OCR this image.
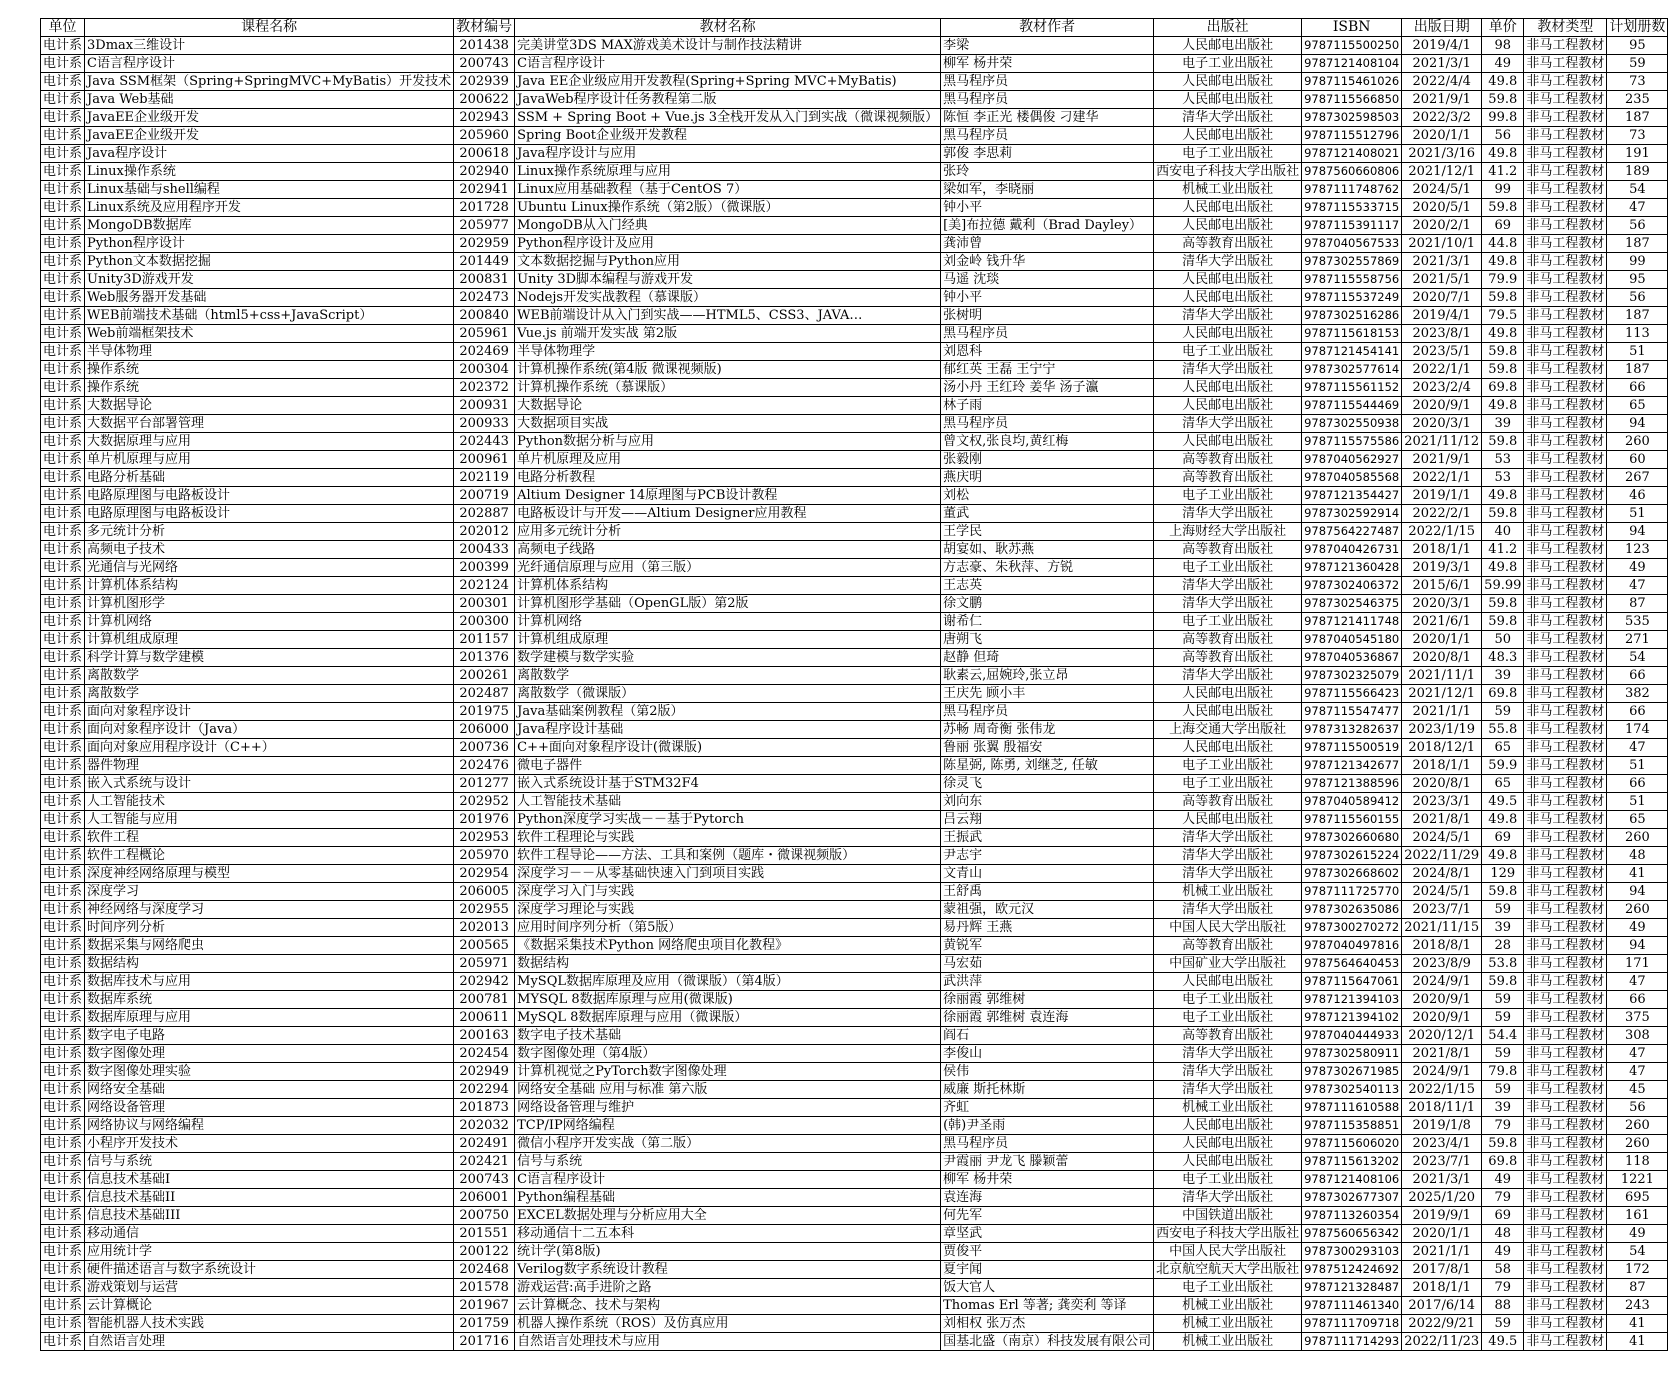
单位	课程名称	教材编号	教材名称	教材作者	出版社	ISBN	出版日期	单价	教材类型	计划册数
电计系	3Dmax三维设计	201438	完美讲堂3DS MAX游戏美术设计与制作技法精讲	李梁	人民邮电出版社	9787115500250	2019/4/1	98	非马工程教材	95
电计系	C语言程序设计	200743	C语言程序设计	柳军 杨井荣	电子工业出版社	9787121408104	2021/3/1	49	非马工程教材	59
电计系	Java SSM框架（Spring+SpringMVC+MyBatis）开发技术	202939	Java EE企业级应用开发教程(Spring+Spring MVC+MyBatis)	黑马程序员	人民邮电出版社	9787115461026	2022/4/4	49.8	非马工程教材	73
电计系	Java Web基础	200622	JavaWeb程序设计任务教程第二版	黑马程序员	人民邮电出版社	9787115566850	2021/9/1	59.8	非马工程教材	235
电计系	JavaEE企业级开发	202943	SSM + Spring Boot + Vue.js 3全栈开发从入门到实战（微课视频版）	陈恒 李正光 楼偶俊 刁建华	清华大学出版社	9787302598503	2022/3/2	99.8	非马工程教材	187
电计系	JavaEE企业级开发	205960	Spring Boot企业级开发教程	黑马程序员	人民邮电出版社	9787115512796	2020/1/1	56	非马工程教材	73
电计系	Java程序设计	200618	Java程序设计与应用	郭俊 李思莉	电子工业出版社	9787121408021	2021/3/16	49.8	非马工程教材	191
电计系	Linux操作系统	202940	Linux操作系统原理与应用	张玲	西安电子科技大学出版社	9787560660806	2021/12/1	41.2	非马工程教材	189
电计系	Linux基础与shell编程	202941	Linux应用基础教程（基于CentOS 7）	梁如军，李晓丽	机械工业出版社	9787111748762	2024/5/1	99	非马工程教材	54
电计系	Linux系统及应用程序开发	201728	Ubuntu Linux操作系统（第2版）（微课版）	钟小平	人民邮电出版社	9787115533715	2020/5/1	59.8	非马工程教材	47
电计系	MongoDB数据库	205977	MongoDB从入门经典	[美]布拉德 戴利（Brad Dayley）	人民邮电出版社	9787115391117	2020/2/1	69	非马工程教材	56
电计系	Python程序设计	202959	Python程序设计及应用	龚沛曾	高等教育出版社	9787040567533	2021/10/1	44.8	非马工程教材	187
电计系	Python文本数据挖掘	201449	文本数据挖掘与Python应用	刘金岭 钱升华	清华大学出版社	9787302557869	2021/3/1	49.8	非马工程教材	99
电计系	Unity3D游戏开发	200831	Unity 3D脚本编程与游戏开发	马遥 沈琰	人民邮电出版社	9787115558756	2021/5/1	79.9	非马工程教材	95
电计系	Web服务器开发基础	202473	Nodejs开发实战教程（慕课版）	钟小平	人民邮电出版社	9787115537249	2020/7/1	59.8	非马工程教材	56
电计系	WEB前端技术基础（html5+css+JavaScript）	200840	WEB前端设计从入门到实战——HTML5、CSS3、JAVA…	张树明	清华大学出版社	9787302516286	2019/4/1	79.5	非马工程教材	187
电计系	Web前端框架技术	205961	Vue.js 前端开发实战 第2版	黑马程序员	人民邮电出版社	9787115618153	2023/8/1	49.8	非马工程教材	113
电计系	半导体物理	202469	半导体物理学	刘恩科	电子工业出版社	9787121454141	2023/5/1	59.8	非马工程教材	51
电计系	操作系统	200304	计算机操作系统(第4版 微课视频版)	郁红英 王磊 王宁宁	清华大学出版社	9787302577614	2022/1/1	59.8	非马工程教材	187
电计系	操作系统	202372	计算机操作系统（慕课版）	汤小丹 王红玲 姜华 汤子瀛	人民邮电出版社	9787115561152	2023/2/4	69.8	非马工程教材	66
电计系	大数据导论	200931	大数据导论	林子雨	人民邮电出版社	9787115544469	2020/9/1	49.8	非马工程教材	65
电计系	大数据平台部署管理	200933	大数据项目实战	黑马程序员	清华大学出版社	9787302550938	2020/3/1	39	非马工程教材	94
电计系	大数据原理与应用	202443	Python数据分析与应用	曾文权,张良均,黄红梅	人民邮电出版社	9787115575586	2021/11/12	59.8	非马工程教材	260
电计系	单片机原理与应用	200961	单片机原理及应用	张毅刚	高等教育出版社	9787040562927	2021/9/1	53	非马工程教材	60
电计系	电路分析基础	202119	电路分析教程	燕庆明	高等教育出版社	9787040585568	2022/1/1	53	非马工程教材	267
电计系	电路原理图与电路板设计	200719	Altium Designer 14原理图与PCB设计教程	刘松	电子工业出版社	9787121354427	2019/1/1	49.8	非马工程教材	46
电计系	电路原理图与电路板设计	202887	电路板设计与开发——Altium Designer应用教程	董武	清华大学出版社	9787302592914	2022/2/1	59.8	非马工程教材	51
电计系	多元统计分析	202012	应用多元统计分析	王学民	上海财经大学出版社	9787564227487	2022/1/15	40	非马工程教材	94
电计系	高频电子技术	200433	高频电子线路	胡宴如、耿苏燕	高等教育出版社	9787040426731	2018/1/1	41.2	非马工程教材	123
电计系	光通信与光网络	200399	光纤通信原理与应用（第三版）	方志豪、朱秋萍、方锐	电子工业出版社	9787121360428	2019/3/1	49.8	非马工程教材	49
电计系	计算机体系结构	202124	计算机体系结构	王志英	清华大学出版社	9787302406372	2015/6/1	59.99	非马工程教材	47
电计系	计算机图形学	200301	计算机图形学基础（OpenGL版）第2版	徐文鹏	清华大学出版社	9787302546375	2020/3/1	59.8	非马工程教材	87
电计系	计算机网络	200300	计算机网络	谢希仁	电子工业出版社	9787121411748	2021/6/1	59.8	非马工程教材	535
电计系	计算机组成原理	201157	计算机组成原理	唐朔飞	高等教育出版社	9787040545180	2020/1/1	50	非马工程教材	271
电计系	科学计算与数学建模	201376	数学建模与数学实验	赵静 但琦	高等教育出版社	9787040536867	2020/8/1	48.3	非马工程教材	54
电计系	离散数学	200261	离散数学	耿素云,屈婉玲,张立昂	清华大学出版社	9787302325079	2021/11/1	39	非马工程教材	66
电计系	离散数学	202487	离散数学（微课版）	王庆先 顾小丰	人民邮电出版社	9787115566423	2021/12/1	69.8	非马工程教材	382
电计系	面向对象程序设计	201975	Java基础案例教程（第2版）	黑马程序员	人民邮电出版社	9787115547477	2021/1/1	59	非马工程教材	66
电计系	面向对象程序设计（Java）	206000	Java程序设计基础	苏畅 周奇衡 张伟龙	上海交通大学出版社	9787313282637	2023/1/19	55.8	非马工程教材	174
电计系	面向对象应用程序设计（C++）	200736	C++面向对象程序设计(微课版)	鲁丽 张翼 殷福安	人民邮电出版社	9787115500519	2018/12/1	65	非马工程教材	47
电计系	器件物理	202476	微电子器件	陈星弼, 陈勇, 刘继芝, 任敏	电子工业出版社	9787121342677	2018/1/1	59.9	非马工程教材	51
电计系	嵌入式系统与设计	201277	嵌入式系统设计基于STM32F4	徐灵飞	电子工业出版社	9787121388596	2020/8/1	65	非马工程教材	66
电计系	人工智能技术	202952	人工智能技术基础	刘向东	高等教育出版社	9787040589412	2023/3/1	49.5	非马工程教材	51
电计系	人工智能与应用	201976	Python深度学习实战－－基于Pytorch	吕云翔	人民邮电出版社	9787115560155	2021/8/1	49.8	非马工程教材	65
电计系	软件工程	202953	软件工程理论与实践	王振武	清华大学出版社	9787302660680	2024/5/1	69	非马工程教材	260
电计系	软件工程概论	205970	软件工程导论——方法、工具和案例（题库・微课视频版）	尹志宇	清华大学出版社	9787302615224	2022/11/29	49.8	非马工程教材	48
电计系	深度神经网络原理与模型	202954	深度学习－－从零基础快速入门到项目实践	文青山	清华大学出版社	9787302668602	2024/8/1	129	非马工程教材	41
电计系	深度学习	206005	深度学习入门与实践	王舒禹	机械工业出版社	9787111725770	2024/5/1	59.8	非马工程教材	94
电计系	神经网络与深度学习	202955	深度学习理论与实践	蒙祖强，欧元汉	清华大学出版社	9787302635086	2023/7/1	59	非马工程教材	260
电计系	时间序列分析	202013	应用时间序列分析（第5版）	易丹辉 王燕	中国人民大学出版社	9787300270272	2021/11/15	39	非马工程教材	49
电计系	数据采集与网络爬虫	200565	《数据采集技术Python 网络爬虫项目化教程》	黄锐军	高等教育出版社	9787040497816	2018/8/1	28	非马工程教材	94
电计系	数据结构	205971	数据结构	马宏茹	中国矿业大学出版社	9787564640453	2023/8/9	53.8	非马工程教材	171
电计系	数据库技术与应用	202942	MySQL数据库原理及应用（微课版）（第4版）	武洪萍	人民邮电出版社	9787115647061	2024/9/1	59.8	非马工程教材	47
电计系	数据库系统	200781	MYSQL 8数据库原理与应用(微课版)	徐丽霞 郭维树	电子工业出版社	9787121394103	2020/9/1	59	非马工程教材	66
电计系	数据库原理与应用	200611	MySQL 8数据库原理与应用（微课版）	徐丽霞 郭维树 袁连海	电子工业出版社	9787121394102	2020/9/1	59	非马工程教材	375
电计系	数字电子电路	200163	数字电子技术基础	阎石	高等教育出版社	9787040444933	2020/12/1	54.4	非马工程教材	308
电计系	数字图像处理	202454	数字图像处理（第4版）	李俊山	清华大学出版社	9787302580911	2021/8/1	59	非马工程教材	47
电计系	数字图像处理实验	202949	计算机视觉之PyTorch数字图像处理	侯伟	清华大学出版社	9787302671985	2024/9/1	79.8	非马工程教材	47
电计系	网络安全基础	202294	网络安全基础 应用与标准 第六版	威廉 斯托林斯	清华大学出版社	9787302540113	2022/1/15	59	非马工程教材	45
电计系	网络设备管理	201873	网络设备管理与维护	齐虹	机械工业出版社	9787111610588	2018/11/1	39	非马工程教材	56
电计系	网络协议与网络编程	202032	TCP/IP网络编程	(韩)尹圣雨	人民邮电出版社	9787115358851	2019/1/8	79	非马工程教材	260
电计系	小程序开发技术	202491	微信小程序开发实战（第二版）	黑马程序员	人民邮电出版社	9787115606020	2023/4/1	59.8	非马工程教材	260
电计系	信号与系统	202421	信号与系统	尹霞丽 尹龙飞 滕颖蕾	人民邮电出版社	9787115613202	2023/7/1	69.8	非马工程教材	118
电计系	信息技术基础I	200743	C语言程序设计	柳军 杨井荣	电子工业出版社	9787121408106	2021/3/1	49	非马工程教材	1221
电计系	信息技术基础II	206001	Python编程基础	袁连海	清华大学出版社	9787302677307	2025/1/20	79	非马工程教材	695
电计系	信息技术基础III	200750	EXCEL数据处理与分析应用大全	何先军	中国铁道出版社	9787113260354	2019/9/1	69	非马工程教材	161
电计系	移动通信	201551	移动通信十二五本科	章坚武	西安电子科技大学出版社	9787560656342	2020/1/1	48	非马工程教材	49
电计系	应用统计学	200122	统计学(第8版)	贾俊平	中国人民大学出版社	9787300293103	2021/1/1	49	非马工程教材	54
电计系	硬件描述语言与数字系统设计	202468	Verilog数字系统设计教程	夏宇闻	北京航空航天大学出版社	9787512424692	2017/8/1	58	非马工程教材	172
电计系	游戏策划与运营	201578	游戏运营:高手进阶之路	饭大官人	电子工业出版社	9787121328487	2018/1/1	79	非马工程教材	87
电计系	云计算概论	201967	云计算概念、技术与架构	Thomas Erl 等著; 龚奕利 等译	机械工业出版社	9787111461340	2017/6/14	88	非马工程教材	243
电计系	智能机器人技术实践	201759	机器人操作系统（ROS）及仿真应用	刘相权 张万杰	机械工业出版社	9787111709718	2022/9/21	59	非马工程教材	41
电计系	自然语言处理	201716	自然语言处理技术与应用	国基北盛（南京）科技发展有限公司	机械工业出版社	9787111714293	2022/11/23	49.5	非马工程教材	41
